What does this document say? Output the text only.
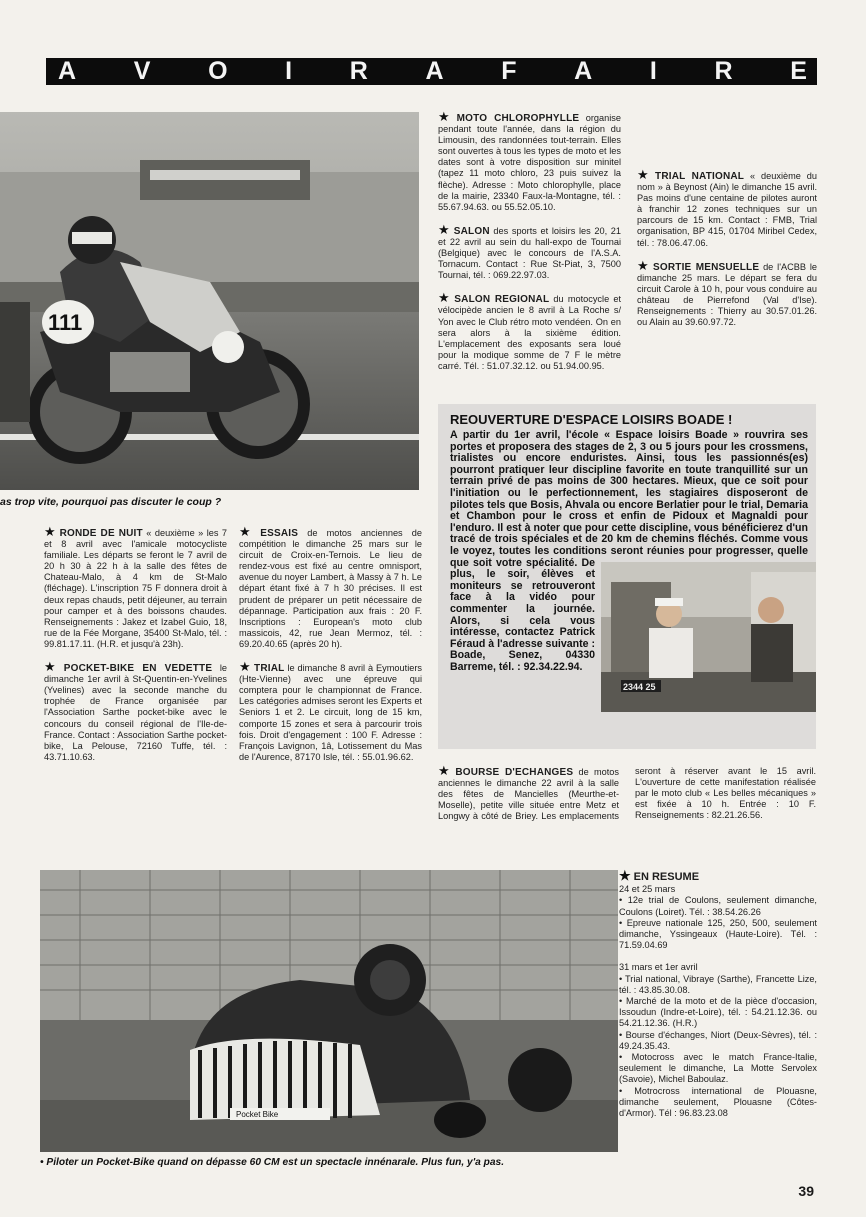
A V O I R A F A I R E
111
as trop vite, pourquoi pas discuter le coup ?

★ MOTO CHLOROPHYLLE organise pendant toute l'année, dans la région du Limousin, des randonnées tout-terrain. Elles sont ouvertes à tous les types de moto et les dates sont à votre disposition sur minitel (tapez 11 moto chloro, 23 puis suivez la flèche). Adresse : Moto chlorophylle, place de la mairie, 23340 Faux-la-Montagne, tél. : 55.67.94.63. ou 55.52.05.10.

★ SALON des sports et loisirs les 20, 21 et 22 avril au sein du hall-expo de Tournai (Belgique) avec le concours de l'A.S.A. Tornacum. Contact : Rue St-Piat, 3, 7500 Tournai, tél. : 069.22.97.03.

★ SALON REGIONAL du motocycle et vélocipède ancien le 8 avril à La Roche s/ Yon avec le Club rétro moto vendéen. On en sera alors à la sixième édition. L'emplacement des exposants sera loué pour la modique somme de 7 F le mètre carré. Tél. : 51.07.32.12. ou 51.94.00.95.

★ TRIAL NATIONAL « deuxième du nom » à Beynost (Ain) le dimanche 15 avril. Pas moins d'une centaine de pilotes auront à franchir 12 zones techniques sur un parcours de 15 km. Contact : FMB, Trial organisation, BP 415, 01704 Miribel Cedex, tél. : 78.06.47.06.

★ SORTIE MENSUELLE de l'ACBB le dimanche 25 mars. Le départ se fera du circuit Carole à 10 h, pour vous conduire au château de Pierrefond (Val d'Ise). Renseignements : Thierry au 30.57.01.26. ou Alain au 39.60.97.72.

REOUVERTURE D'ESPACE LOISIRS BOADE !
A partir du 1er avril, l'école « Espace loisirs Boade » rouvrira ses portes et proposera des stages de 2, 3 ou 5 jours pour les crossmens, trialistes ou encore enduristes. Ainsi, tous les passionnés(es) pourront pratiquer leur discipline favorite en toute tranquillité sur un terrain privé de pas moins de 300 hectares. Mieux, que ce soit pour l'initiation ou le perfectionnement, les stagiaires disposeront de pilotes tels que Bosis, Ahvala ou encore Berlatier pour le trial, Demaria et Chambon pour le cross et enfin de Pidoux et Magnaldi pour l'enduro. Il est à noter que pour cette discipline, vous bénéficierez d'un tracé de trois spéciales et de 20 km de chemins fléchés. Comme vous le voyez, toutes les conditions seront réunies pour progresser,
2344 25
quelle que soit votre spécialité. De plus, le soir, élèves et moniteurs se retrouveront face à la vidéo pour commenter la journée. Alors, si cela vous intéresse, contactez Patrick Féraud à l'adresse suivante : Boade, Senez, 04330 Barreme, tél. : 92.34.22.94.

★ RONDE DE NUIT « deuxième » les 7 et 8 avril avec l'amicale motocycliste familiale. Les départs se feront le 7 avril de 20 h 30 à 22 h à la salle des fêtes de Chateau-Malo, à 4 km de St-Malo (fléchage). L'inscription 75 F donnera droit à deux repas chauds, petit déjeuner, au terrain pour camper et à des boissons chaudes. Renseignements : Jakez et Izabel Guio, 18, rue de la Fée Morgane, 35400 St-Malo, tél. : 99.81.17.11. (H.R. et jusqu'à 23h).

★ POCKET-BIKE EN VEDETTE le dimanche 1er avril à St-Quentin-en-Yvelines (Yvelines) avec la seconde manche du trophée de France organisée par l'Association Sarthe pocket-bike avec le concours du conseil régional de l'Ile-de-France. Contact : Association Sarthe pocket-bike, La Pelouse, 72160 Tuffe, tél. : 43.71.10.63.

★ ESSAIS de motos anciennes de compétition le dimanche 25 mars sur le circuit de Croix-en-Ternois. Le lieu de rendez-vous est fixé au centre omnisport, avenue du noyer Lambert, à Massy à 7 h. Le départ étant fixé à 7 h 30 précises. Il est prudent de préparer un petit nécessaire de dépannage. Participation aux frais : 20 F. Inscriptions : European's moto club massicois, 42, rue Jean Mermoz, tél. : 69.20.40.65 (après 20 h).

★ TRIAL le dimanche 8 avril à Eymoutiers (Hte-Vienne) avec une épreuve qui comptera pour le championnat de France. Les catégories admises seront les Experts et Seniors 1 et 2. Le circuit, long de 15 km, comporte 15 zones et sera à parcourir trois fois. Droit d'engagement : 100 F. Adresse : François Lavignon, 1â, Lotissement du Mas de l'Aurence, 87170 Isle, tél. : 55.01.96.62.

★ BOURSE D'ECHANGES de motos anciennes le dimanche 22 avril à la salle des fêtes de Mancielles (Meurthe-et-Moselle), petite ville située entre Metz et Longwy à côté de Briey. Les emplacements seront à réserver avant le 15 avril. L'ouverture de cette manifestation réalisée par le moto club « Les belles mécaniques » est fixée à 10 h. Entrée : 10 F. Renseignements : 82.21.26.56.

Pocket Bike
• Piloter un Pocket-Bike quand on dépasse 60 CM est un spectacle innénarale. Plus fun, y'a pas.
★ EN RESUME
24 et 25 mars
• 12e trial de Coulons, seulement dimanche, Coulons (Loiret). Tél. : 38.54.26.26
• Epreuve nationale 125, 250, 500, seulement dimanche, Yssingeaux (Haute-Loire). Tél. : 71.59.04.69
31 mars et 1er avril
• Trial national, Vibraye (Sarthe), Francette Lize, tél. : 43.85.30.08.
• Marché de la moto et de la pièce d'occasion, Issoudun (Indre-et-Loire), tél. : 54.21.12.36. ou 54.21.12.36. (H.R.)
• Bourse d'échanges, Niort (Deux-Sèvres), tél. : 49.24.35.43.
• Motocross avec le match France-Italie, seulement le dimanche, La Motte Servolex (Savoie), Michel Baboulaz.
• Motrocross international de Plouasne, dimanche seulement, Plouasne (Côtes-d'Armor). Tél : 96.83.23.08
39
